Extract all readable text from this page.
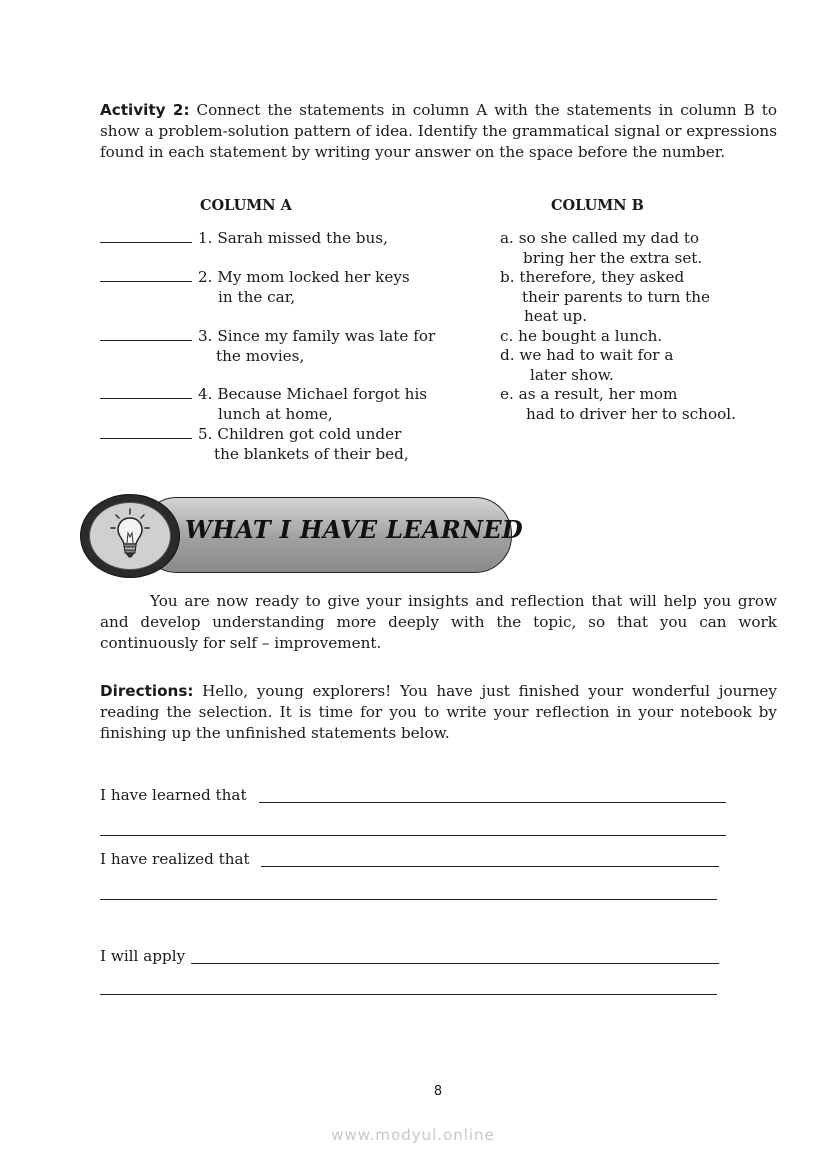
Activity 2: Connect the statements in column A with the statements in column B to show a problem-solution pattern of idea. Identify the grammatical signal or expressions found in each statement by writing your answer on the space before the number.
COLUMN A	COLUMN B
1. Sarah missed the bus,
2. My mom locked her keys
in the car,
3. Since my family was late for
the movies,
4. Because Michael forgot his
lunch at home,
5. Children got cold under
the blankets of their bed,
a. so she called my dad to
bring her the extra set.
b. therefore, they asked
their parents to turn the
heat up.
c. he bought a lunch.
d. we had to wait for a
later show.
e. as a result, her mom
had to driver her to school.
WHAT I HAVE LEARNED
You are now ready to give your insights and reflection that will help you grow and develop understanding more deeply with the topic, so that you can work continuously for self – improvement.
Directions: Hello, young explorers! You have just finished your wonderful journey reading the selection. It is time for you to write your reflection in your notebook by finishing up the unfinished statements below.
I have learned that
I have realized that
I will apply
8
www.modyul.online
